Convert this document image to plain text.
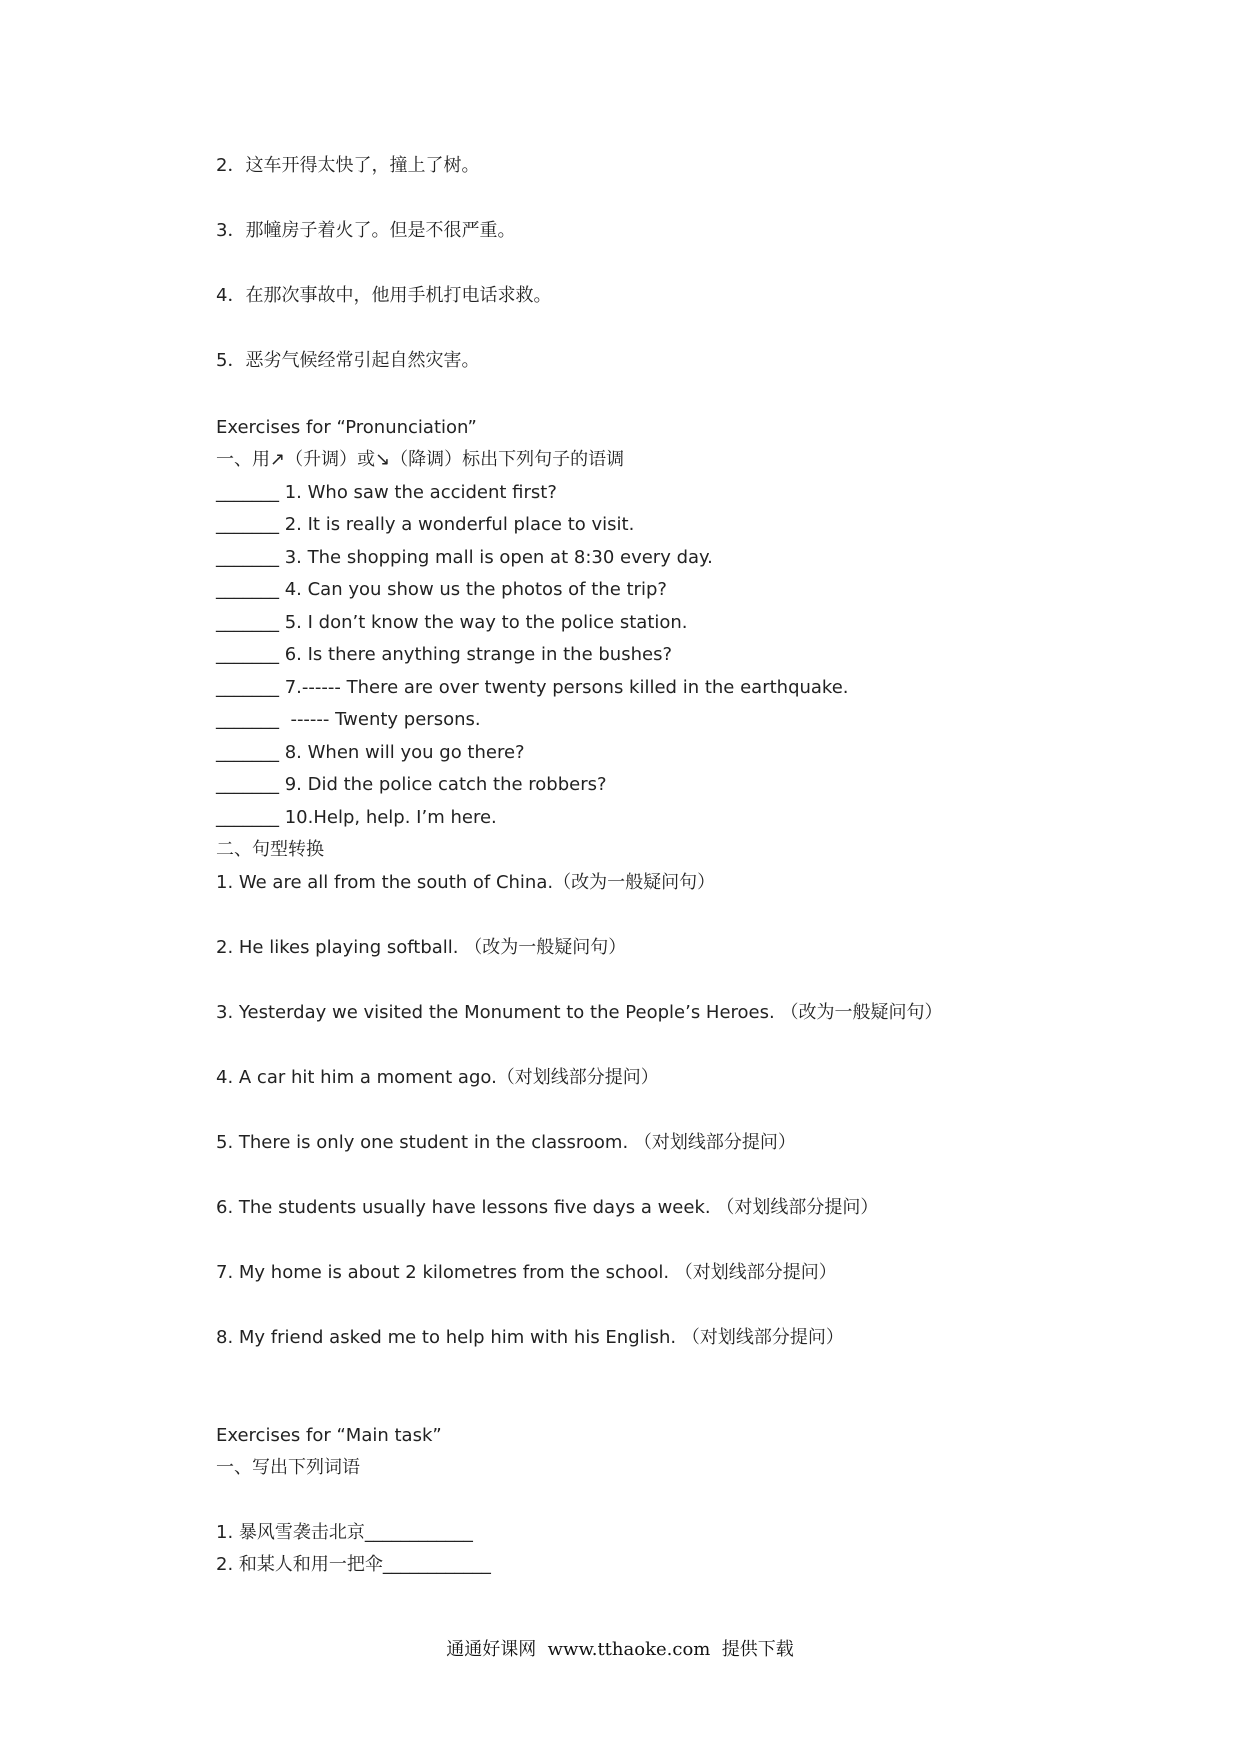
2．这车开得太快了，撞上了树。
3．那幢房子着火了。但是不很严重。
4．在那次事故中，他用手机打电话求救。
5．恶劣气候经常引起自然灾害。
Exercises for “Pronunciation”
一、用↗（升调）或↘（降调）标出下列句子的语调
_______ 1. Who saw the accident first?
_______ 2. It is really a wonderful place to visit.
_______ 3. The shopping mall is open at 8:30 every day.
_______ 4. Can you show us the photos of the trip?
_______ 5. I don’t know the way to the police station.
_______ 6. Is there anything strange in the bushes?
_______ 7.------ There are over twenty persons killed in the earthquake.
_______  ------ Twenty persons.
_______ 8. When will you go there?
_______ 9. Did the police catch the robbers?
_______ 10.Help, help. I’m here.
二、句型转换
1. We are all from the south of China.（改为一般疑问句）
2. He likes playing softball. （改为一般疑问句）
3. Yesterday we visited the Monument to the People’s Heroes. （改为一般疑问句）
4. A car hit him a moment ago.（对划线部分提问）
5. There is only one student in the classroom. （对划线部分提问）
6. The students usually have lessons five days a week. （对划线部分提问）
7. My home is about 2 kilometres from the school. （对划线部分提问）
8. My friend asked me to help him with his English. （对划线部分提问）
Exercises for “Main task”
一、写出下列词语
1. 暴风雪袭击北京____________
2. 和某人和用一把伞____________
通通好课网  www.tthaoke.com  提供下载
